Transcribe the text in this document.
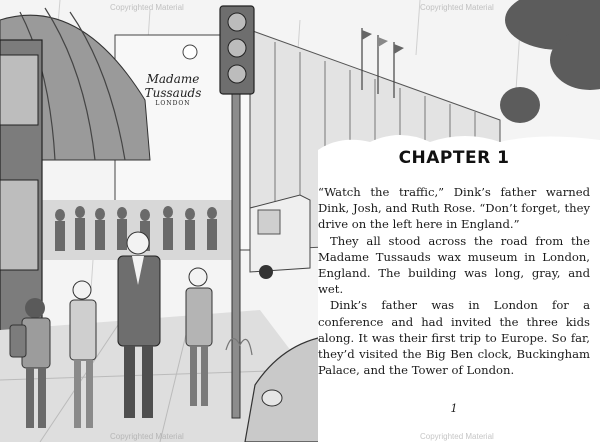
Madame
Tussauds
LONDON
CHAPTER 1

“Watch the traffic,” Dink’s father warned Dink, Josh, and Ruth Rose. “Don’t forget, they drive on the left here in England.”

They all stood across the road from the Madame Tussauds wax museum in London, England. The building was long, gray, and wet.

Dink’s father was in London for a conference and had invited the three kids along. It was their first trip to Europe. So far, they’d visited the Big Ben clock, Buckingham Palace, and the Tower of London.

1
Copyrighted Material	Copyrighted Material
Copyrighted Material	Copyrighted Material
